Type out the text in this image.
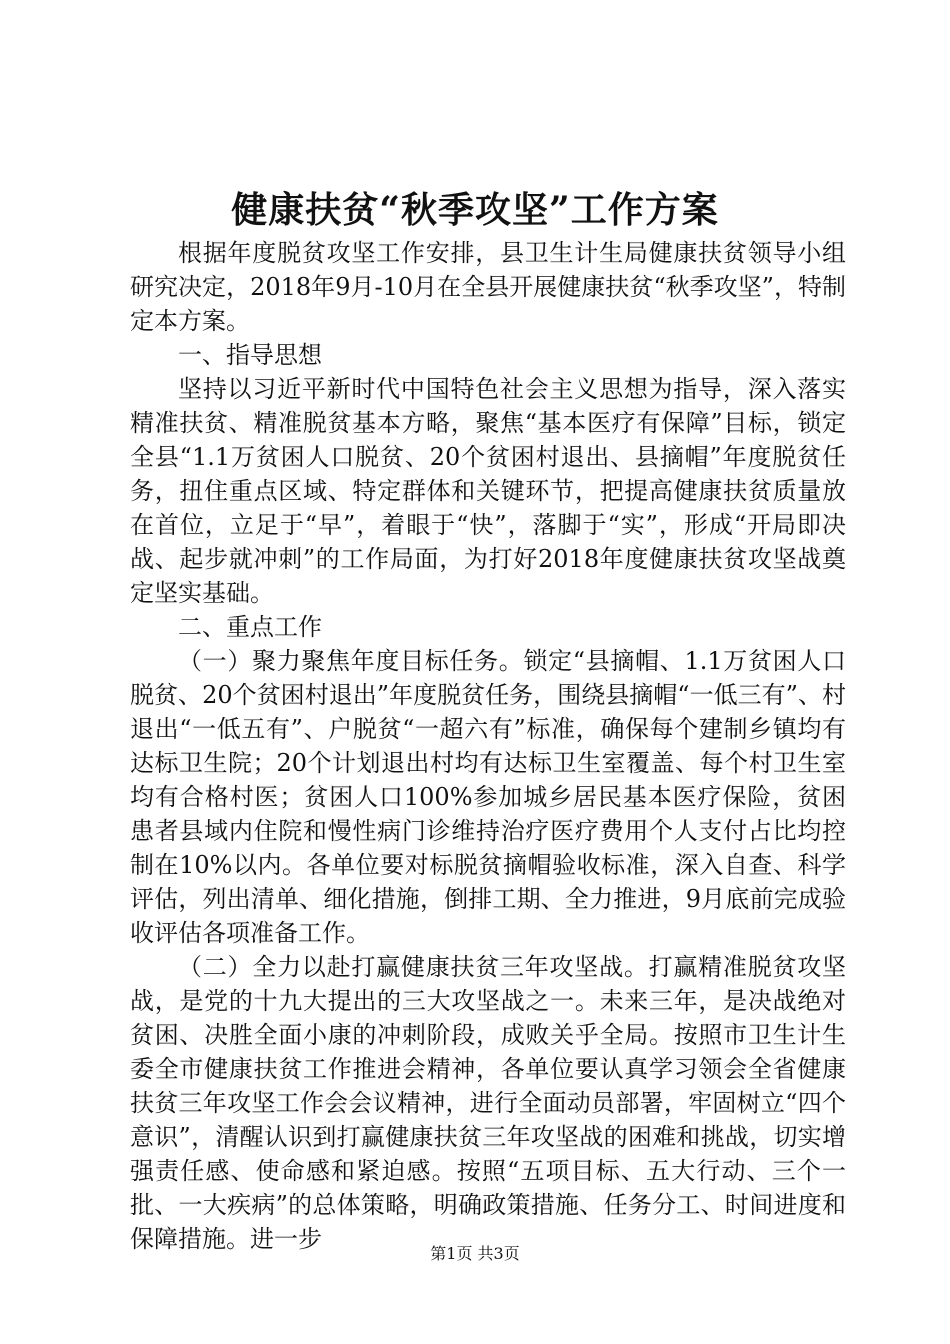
健康扶贫“秋季攻坚”工作方案

根据年度脱贫攻坚工作安排，县卫生计生局健康扶贫领导小组研究决定，2018年9月-10月在全县开展健康扶贫“秋季攻坚”，特制定本方案。

一、指导思想

坚持以习近平新时代中国特色社会主义思想为指导，深入落实精准扶贫、精准脱贫基本方略，聚焦“基本医疗有保障”目标，锁定全县“1.1万贫困人口脱贫、20个贫困村退出、县摘帽”年度脱贫任务，扭住重点区域、特定群体和关键环节，把提高健康扶贫质量放在首位，立足于“早”，着眼于“快”，落脚于“实”，形成“开局即决战、起步就冲刺”的工作局面，为打好2018年度健康扶贫攻坚战奠定坚实基础。

二、重点工作

（一）聚力聚焦年度目标任务。锁定“县摘帽、1.1万贫困人口脱贫、20个贫困村退出”年度脱贫任务，围绕县摘帽“一低三有”、村退出“一低五有”、户脱贫“一超六有”标准，确保每个建制乡镇均有达标卫生院；20个计划退出村均有达标卫生室覆盖、每个村卫生室均有合格村医；贫困人口100%参加城乡居民基本医疗保险，贫困患者县域内住院和慢性病门诊维持治疗医疗费用个人支付占比均控制在10%以内。各单位要对标脱贫摘帽验收标准，深入自查、科学评估，列出清单、细化措施，倒排工期、全力推进，9月底前完成验收评估各项准备工作。

（二）全力以赴打赢健康扶贫三年攻坚战。打赢精准脱贫攻坚战，是党的十九大提出的三大攻坚战之一。未来三年，是决战绝对贫困、决胜全面小康的冲刺阶段，成败关乎全局。按照市卫生计生委全市健康扶贫工作推进会精神，各单位要认真学习领会全省健康扶贫三年攻坚工作会会议精神，进行全面动员部署，牢固树立“四个意识”，清醒认识到打赢健康扶贫三年攻坚战的困难和挑战，切实增强责任感、使命感和紧迫感。按照“五项目标、五大行动、三个一批、一大疾病”的总体策略，明确政策措施、任务分工、时间进度和保障措施。进一步

第1页 共3页
